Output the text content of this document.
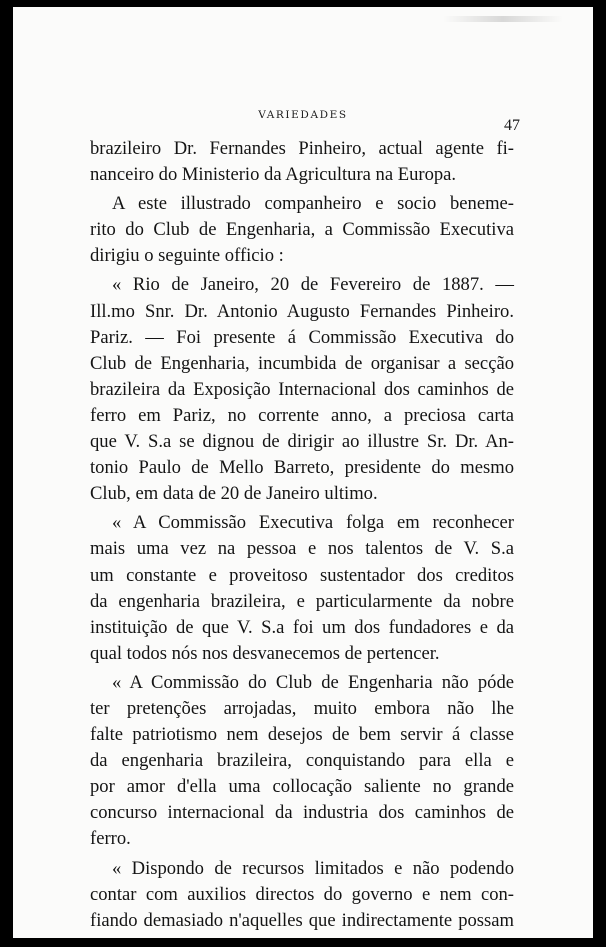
VARIEDADES
47

brazileiro Dr. Fernandes Pinheiro, actual agente fi-
nanceiro do Ministerio da Agricultura na Europa.

A este illustrado companheiro e socio beneme-
rito do Club de Engenharia, a Commissão Executiva
dirigiu o seguinte officio :

« Rio de Janeiro, 20 de Fevereiro de 1887. —
Ill.mo Snr. Dr. Antonio Augusto Fernandes Pinheiro.
Pariz. — Foi presente á Commissão Executiva do
Club de Engenharia, incumbida de organisar a secção
brazileira da Exposição Internacional dos caminhos de
ferro em Pariz, no corrente anno, a preciosa carta
que V. S.a se dignou de dirigir ao illustre Sr. Dr. An-
tonio Paulo de Mello Barreto, presidente do mesmo
Club, em data de 20 de Janeiro ultimo.

« A Commissão Executiva folga em reconhecer
mais uma vez na pessoa e nos talentos de V. S.a
um constante e proveitoso sustentador dos creditos
da engenharia brazileira, e particularmente da nobre
instituição de que V. S.a foi um dos fundadores e da
qual todos nós nos desvanecemos de pertencer.

« A Commissão do Club de Engenharia não póde
ter pretenções arrojadas, muito embora não lhe
falte patriotismo nem desejos de bem servir á classe
da engenharia brazileira, conquistando para ella e
por amor d'ella uma collocação saliente no grande
concurso internacional da industria dos caminhos de
ferro.

« Dispondo de recursos limitados e não podendo
contar com auxilios directos do governo e nem con-
fiando demasiado n'aquelles que indirectamente possam
